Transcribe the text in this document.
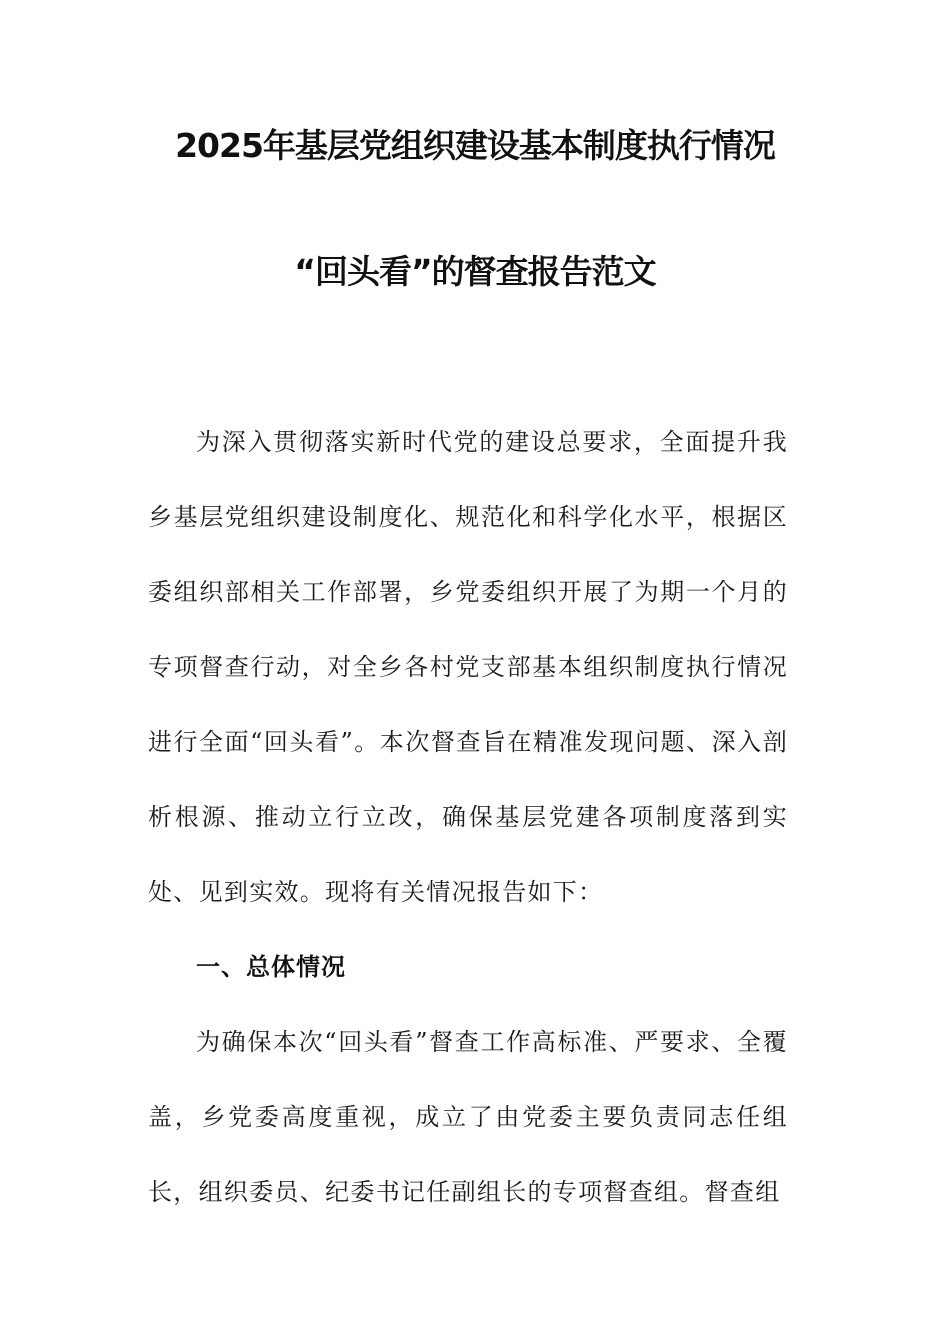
2025年基层党组织建设基本制度执行情况
“回头看”的督查报告范文

为深入贯彻落实新时代党的建设总要求，全面提升我乡基层党组织建设制度化、规范化和科学化水平，根据区委组织部相关工作部署，乡党委组织开展了为期一个月的专项督查行动，对全乡各村党支部基本组织制度执行情况进行全面“回头看”。本次督查旨在精准发现问题、深入剖析根源、推动立行立改，确保基层党建各项制度落到实处、见到实效。现将有关情况报告如下：

一、总体情况

为确保本次“回头看”督查工作高标准、严要求、全覆盖，乡党委高度重视，成立了由党委主要负责同志任组长，组织委员、纪委书记任副组长的专项督查组。督查组
